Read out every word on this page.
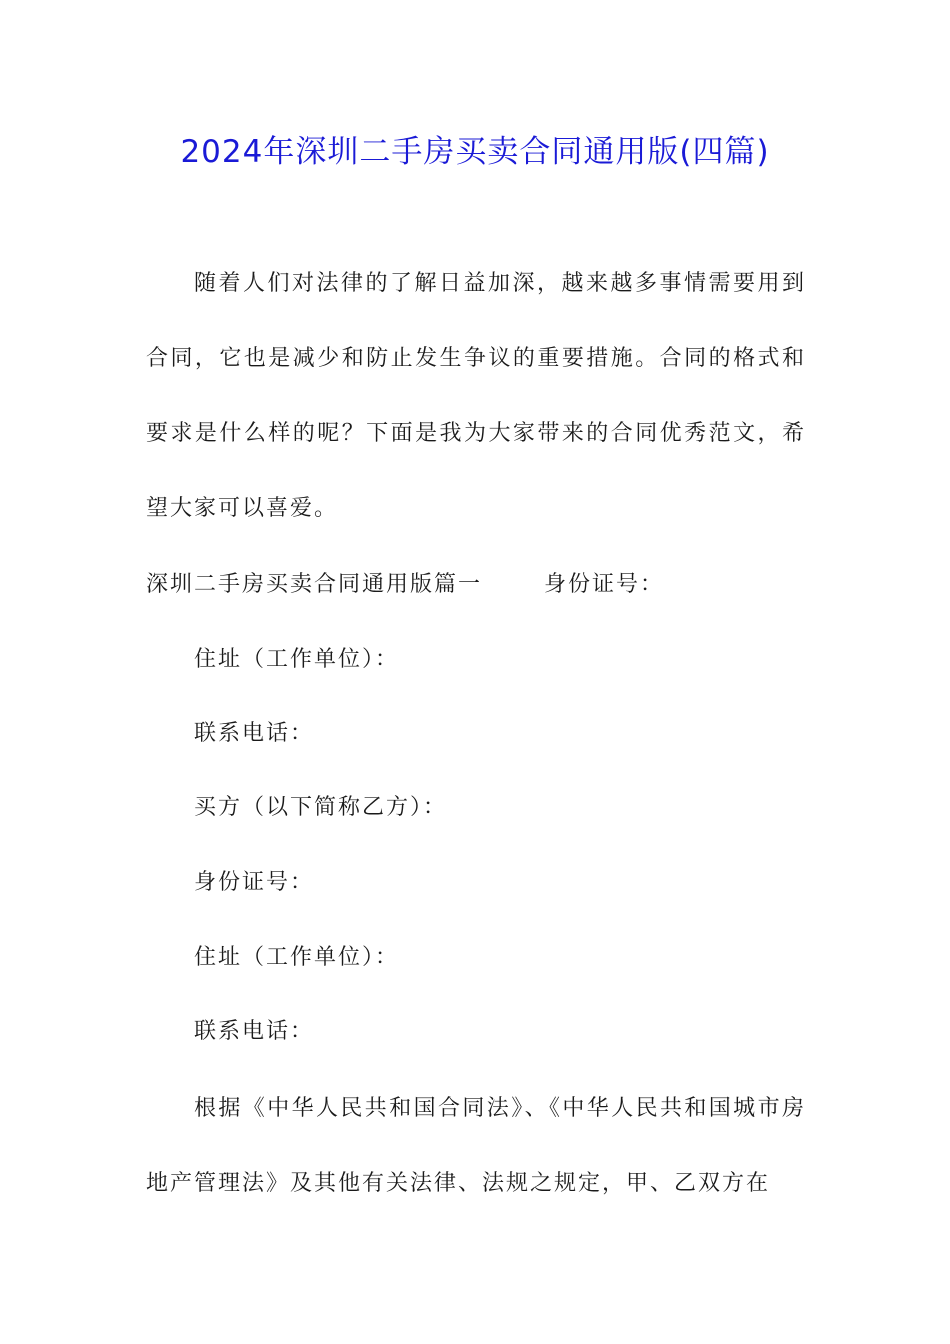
2024年深圳二手房买卖合同通用版(四篇)
随着人们对法律的了解日益加深，越来越多事情需要用到合同，它也是减少和防止发生争议的重要措施。合同的格式和要求是什么样的呢？下面是我为大家带来的合同优秀范文，希望大家可以喜爱。
深圳二手房买卖合同通用版篇一	身份证号：
住址（工作单位）：
联系电话：
买方（以下简称乙方）：
身份证号：
住址（工作单位）：
联系电话：
根据《中华人民共和国合同法》、《中华人民共和国城市房地产管理法》及其他有关法律、法规之规定，甲、乙双方在
